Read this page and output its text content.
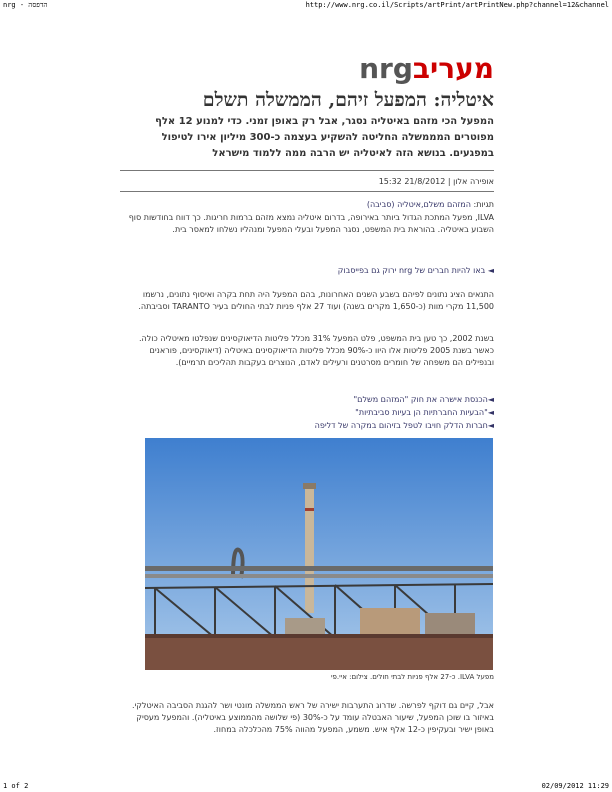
nrg - הדפסה	http://www.nrg.co.il/Scripts/artPrint/artPrintNew.php?channel=12&channel
nrgמעריב
איטליה: המפעל זיהם, הממשלה תשלם
המפעל הכי מזהם באיטליה נסגר, אבל רק באופן זמני. כדי למנוע 12 אלף מפוטרים המממשלה החליטה להשקיע בעצמה כ-300 מיליון אירו לטיפול במפגעים. בנושא הזה לאיטליה יש הרבה ממה ללמוד מישראל
אופירה אלון | 21/8/2012 15:32
תגיות: המזהם משלם,איטליה (סביבה)
ILVA, מפעל המתכת הגדול ביותר באירופה, בדרום איטליה נמצא מזהם ברמות חריגות. כך דווח בחודשות סוף השבוע באיטליה. בהוראת בית המשפט, נסגר המפעל ובעלי המפעל ומנהליו נשלחו למאסר בית.
◄ באו להיות חברים של nrg ירוק גם בפייסבוק
התנאים הציג נתונים לפיהם בשבע השנים האחרונות, בהם המפעל היה תחת בקרה ואיסוף נתונים, נרשמו 11,500 מקרי מוות (כ-1,650 מקרים בשנה) ועוד 27 אלף פניות לבתי החולים בעיר TARANTO וסביבתה.
בשנת 2002, כך טען בית המשפט, פלט המפעל 31% מכלל פליטות הדיאוקסינים שנפלטו מאיטליה כולה. כאשר בשנת 2005 פליטות אלו היוו כ-90% מכלל פליטות הדיאוקסינים באיטליה (דיאוקסינים, פוראנים ובנפילים הם משפחה של חומרים מסרטנים ורעילים לאדם, הנוצרים בעקבות תהליכים תרמיים).
◄הכנסת אישרה את חוק "המזהם משלם"
◄"הבעיות החברתיות הן בעיות סביבתיות"
◄חברות הדלק חויבו לטפל בזיהום במקרה של דליפה
מפעל ILVA. כ-27 אלף פניות לבתי חולים. צילום: איי.פי
אבל, קיים גם דוקף לפרשה. שדרוג התערבות ישירה של ראש הממשלה מונטי ושר להגנת הסביבה האיטלקי. באיזור בו שוכן המפעל, שיעור האבטלה עומד על כ-30% (פי שלושה מהממוצע באיטליה). והמפעל מעסיק באופן ישיר ובעקיפין כ-12 אלף איש. משמע, המפעל מהווה 75% מהכלכלה במחוז.
1 of 2	02/09/2012 11:29
